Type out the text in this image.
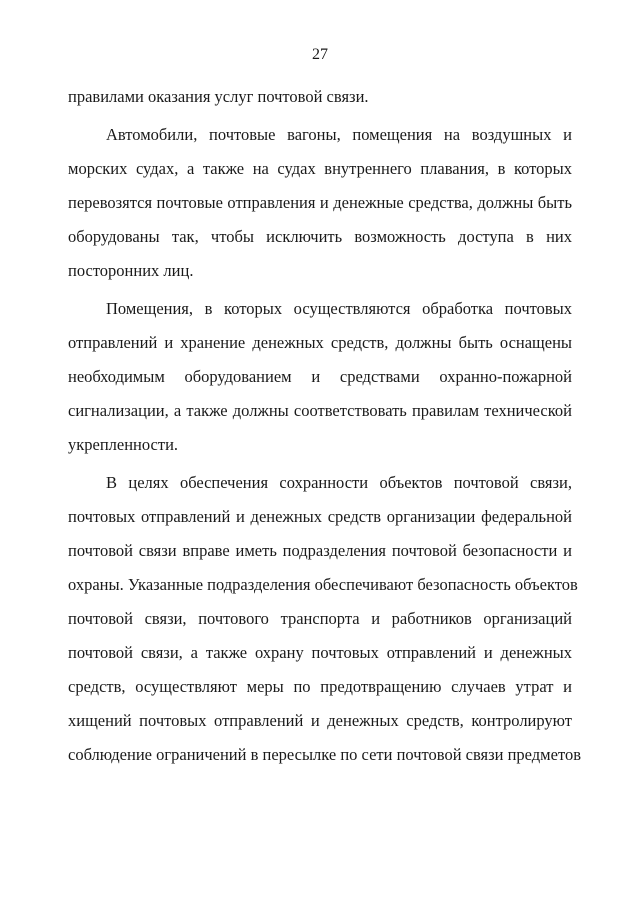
27

правилами оказания услуг почтовой связи.

Автомобили, почтовые вагоны, помещения на воздушных и
морских судах, а также на судах внутреннего плавания, в которых
перевозятся почтовые отправления и денежные средства, должны быть
оборудованы так, чтобы исключить возможность доступа в них
посторонних лиц.

Помещения, в которых осуществляются обработка почтовых
отправлений и хранение денежных средств, должны быть оснащены
необходимым оборудованием и средствами охранно-пожарной
сигнализации, а также должны соответствовать правилам технической
укрепленности.

В целях обеспечения сохранности объектов почтовой связи,
почтовых отправлений и денежных средств организации федеральной
почтовой связи вправе иметь подразделения почтовой безопасности и
охраны. Указанные подразделения обеспечивают безопасность объектов
почтовой связи, почтового транспорта и работников организаций
почтовой связи, а также охрану почтовых отправлений и денежных
средств, осуществляют меры по предотвращению случаев утрат и
хищений почтовых отправлений и денежных средств, контролируют
соблюдение ограничений в пересылке по сети почтовой связи предметов
